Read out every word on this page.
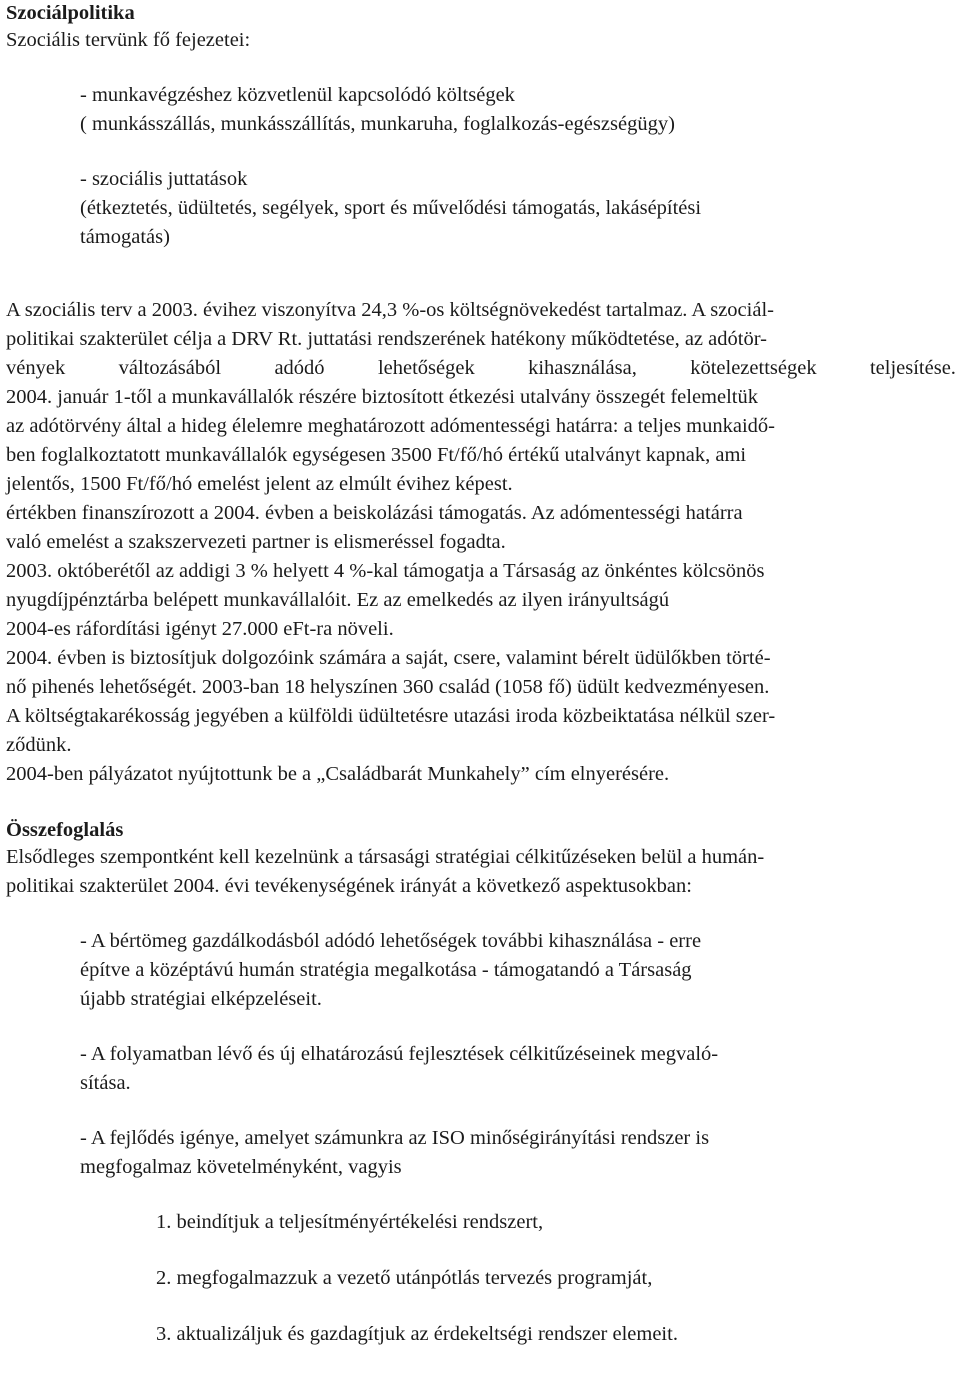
Szociálpolitika
Szociális tervünk fő fejezetei:
- munkavégzéshez közvetlenül kapcsolódó költségek
( munkásszállás, munkásszállítás, munkaruha, foglalkozás-egészségügy)
- szociális juttatások
(étkeztetés, üdültetés, segélyek, sport és művelődési támogatás, lakásépítési
támogatás)
A szociális terv a 2003. évihez viszonyítva 24,3 %-os költségnövekedést tartalmaz. A szociál-
politikai szakterület célja a DRV Rt. juttatási rendszerének hatékony működtetése, az adótör-
vények	változásából	adódó	lehetőségek	kihasználása,	kötelezettségek	teljesítése.
2004. január 1-től a munkavállalók részére biztosított étkezési utalvány összegét felemeltük
az adótörvény által a hideg élelemre meghatározott adómentességi határra: a teljes munkaidő-
ben foglalkoztatott munkavállalók egységesen 3500 Ft/fő/hó értékű utalványt kapnak, ami
jelentős, 1500 Ft/fő/hó emelést jelent az elmúlt évihez képest.
értékben finanszírozott a 2004. évben a beiskolázási támogatás. Az adómentességi határra
való emelést a szakszervezeti partner is elismeréssel fogadta.
2003. októberétől az addigi 3 % helyett 4 %-kal támogatja a Társaság az önkéntes kölcsönös
nyugdíjpénztárba belépett munkavállalóit. Ez az emelkedés az ilyen irányultságú
2004-es ráfordítási igényt 27.000 eFt-ra növeli.
2004. évben is biztosítjuk dolgozóink számára a saját, csere, valamint bérelt üdülőkben törté-
nő pihenés lehetőségét. 2003-ban 18 helyszínen 360 család (1058 fő) üdült kedvezményesen.
A költségtakarékosság jegyében a külföldi üdültetésre utazási iroda közbeiktatása nélkül szer-
ződünk.
2004-ben pályázatot nyújtottunk be a „Családbarát Munkahely” cím elnyerésére.
Összefoglalás
Elsődleges szempontként kell kezelnünk a társasági stratégiai célkitűzéseken belül a humán-
politikai szakterület 2004. évi tevékenységének irányát a következő aspektusokban:
- A bértömeg gazdálkodásból adódó lehetőségek további kihasználása - erre
építve a középtávú humán stratégia megalkotása - támogatandó a Társaság
újabb stratégiai elképzeléseit.
- A folyamatban lévő és új elhatározású fejlesztések célkitűzéseinek megvaló-
sítása.
- A fejlődés igénye, amelyet számunkra az ISO minőségirányítási rendszer is
megfogalmaz követelményként, vagyis
1. beindítjuk a teljesítményértékelési rendszert,
2. megfogalmazzuk a vezető utánpótlás tervezés programját,
3. aktualizáljuk és gazdagítjuk az érdekeltségi rendszer elemeit.
